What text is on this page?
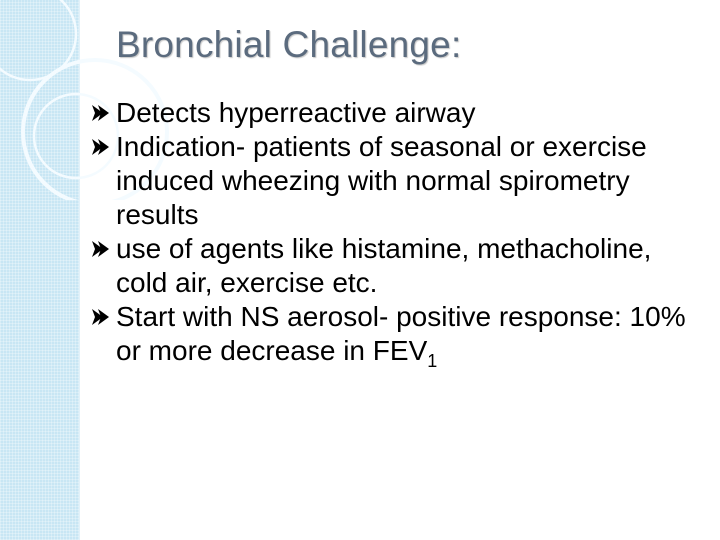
Bronchial Challenge:
Detects hyperreactive airway
Indication- patients of seasonal or exercise induced wheezing with normal spirometry results
use of agents like histamine, methacholine, cold air, exercise etc.
Start with NS aerosol- positive response: 10% or more decrease in $FEV_1$
